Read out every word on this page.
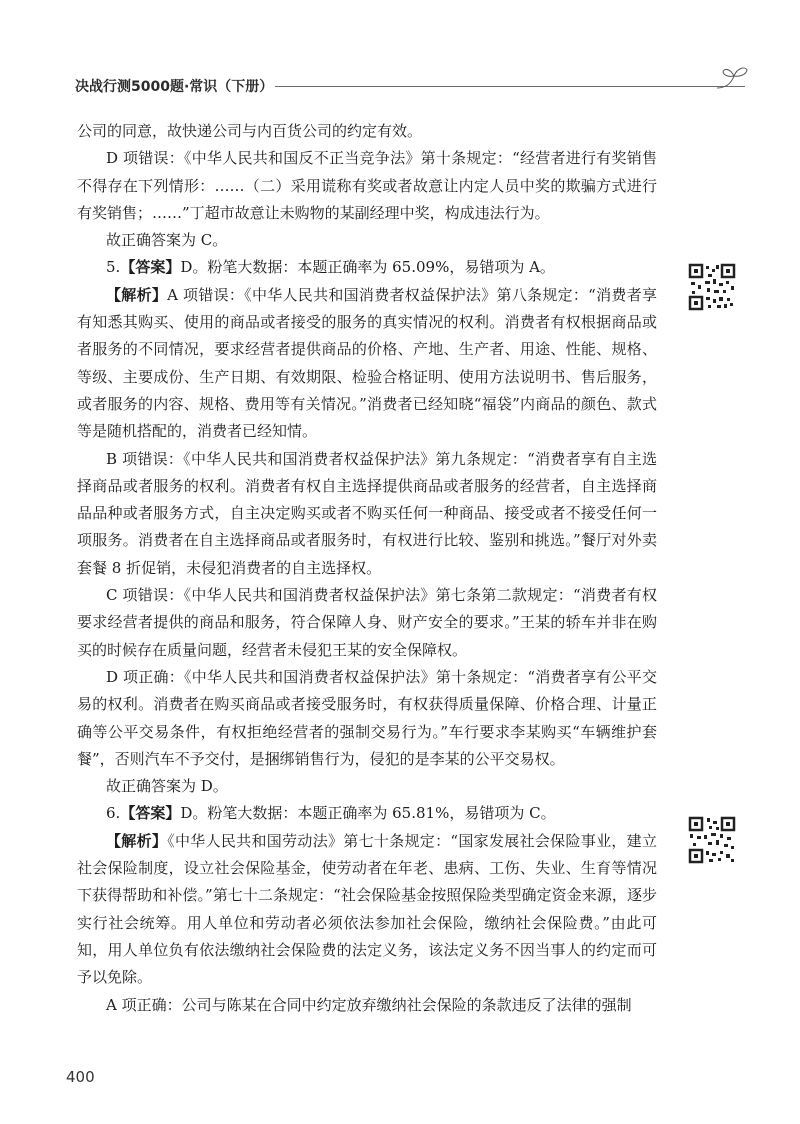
决战行测5000题·常识（下册）

公司的同意，故快递公司与内百货公司的约定有效。

D 项错误：《中华人民共和国反不正当竞争法》第十条规定：“经营者进行有奖销售不得存在下列情形：……（二）采用谎称有奖或者故意让内定人员中奖的欺骗方式进行有奖销售；……”丁超市故意让未购物的某副经理中奖，构成违法行为。

故正确答案为 C。

5.【答案】D。粉笔大数据：本题正确率为 65.09%，易错项为 A。

【解析】A 项错误：《中华人民共和国消费者权益保护法》第八条规定：“消费者享有知悉其购买、使用的商品或者接受的服务的真实情况的权利。消费者有权根据商品或者服务的不同情况，要求经营者提供商品的价格、产地、生产者、用途、性能、规格、等级、主要成份、生产日期、有效期限、检验合格证明、使用方法说明书、售后服务，或者服务的内容、规格、费用等有关情况。”消费者已经知晓“福袋”内商品的颜色、款式等是随机搭配的，消费者已经知情。

B 项错误：《中华人民共和国消费者权益保护法》第九条规定：“消费者享有自主选择商品或者服务的权利。消费者有权自主选择提供商品或者服务的经营者，自主选择商品品种或者服务方式，自主决定购买或者不购买任何一种商品、接受或者不接受任何一项服务。消费者在自主选择商品或者服务时，有权进行比较、鉴别和挑选。”餐厅对外卖套餐 8 折促销，未侵犯消费者的自主选择权。

C 项错误：《中华人民共和国消费者权益保护法》第七条第二款规定：“消费者有权要求经营者提供的商品和服务，符合保障人身、财产安全的要求。”王某的轿车并非在购买的时候存在质量问题，经营者未侵犯王某的安全保障权。

D 项正确：《中华人民共和国消费者权益保护法》第十条规定：“消费者享有公平交易的权利。消费者在购买商品或者接受服务时，有权获得质量保障、价格合理、计量正确等公平交易条件，有权拒绝经营者的强制交易行为。”车行要求李某购买“车辆维护套餐”，否则汽车不予交付，是捆绑销售行为，侵犯的是李某的公平交易权。

故正确答案为 D。

6.【答案】D。粉笔大数据：本题正确率为 65.81%，易错项为 C。

【解析】《中华人民共和国劳动法》第七十条规定：“国家发展社会保险事业，建立社会保险制度，设立社会保险基金，使劳动者在年老、患病、工伤、失业、生育等情况下获得帮助和补偿。”第七十二条规定：“社会保险基金按照保险类型确定资金来源，逐步实行社会统筹。用人单位和劳动者必须依法参加社会保险，缴纳社会保险费。”由此可知，用人单位负有依法缴纳社会保险费的法定义务，该法定义务不因当事人的约定而可予以免除。

A 项正确：公司与陈某在合同中约定放弃缴纳社会保险的条款违反了法律的强制

400
